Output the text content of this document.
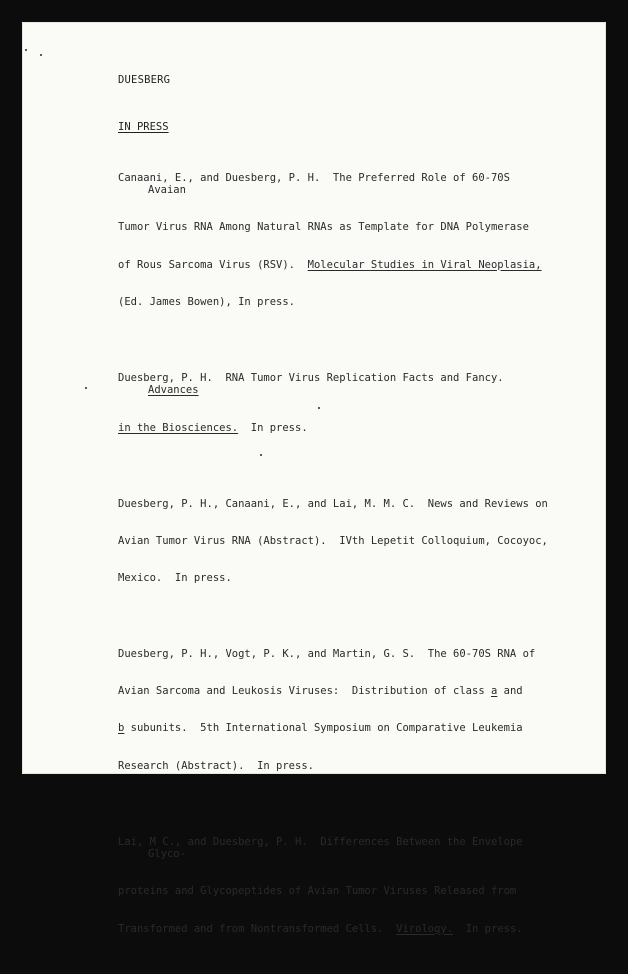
DUESBERG
IN PRESS

Canaani, E., and Duesberg, P. H.  The Preferred Role of 60-70S Avaian

Tumor Virus RNA Among Natural RNAs as Template for DNA Polymerase

of Rous Sarcoma Virus (RSV).  Molecular Studies in Viral Neoplasia,

(Ed. James Bowen), In press.

Duesberg, P. H.  RNA Tumor Virus Replication Facts and Fancy.  Advances

in the Biosciences.  In press.

Duesberg, P. H., Canaani, E., and Lai, M. M. C.  News and Reviews on

Avian Tumor Virus RNA (Abstract).  IVth Lepetit Colloquium, Cocoyoc,

Mexico.  In press.

Duesberg, P. H., Vogt, P. K., and Martin, G. S.  The 60-70S RNA of

Avian Sarcoma and Leukosis Viruses:  Distribution of class a and

b subunits.  5th International Symposium on Comparative Leukemia

Research (Abstract).  In press.

Lai, M C., and Duesberg, P. H.  Differences Between the Envelope Glyco-

proteins and Glycopeptides of Avian Tumor Viruses Released from

Transformed and from Nontransformed Cells.  Virology.  In press.
